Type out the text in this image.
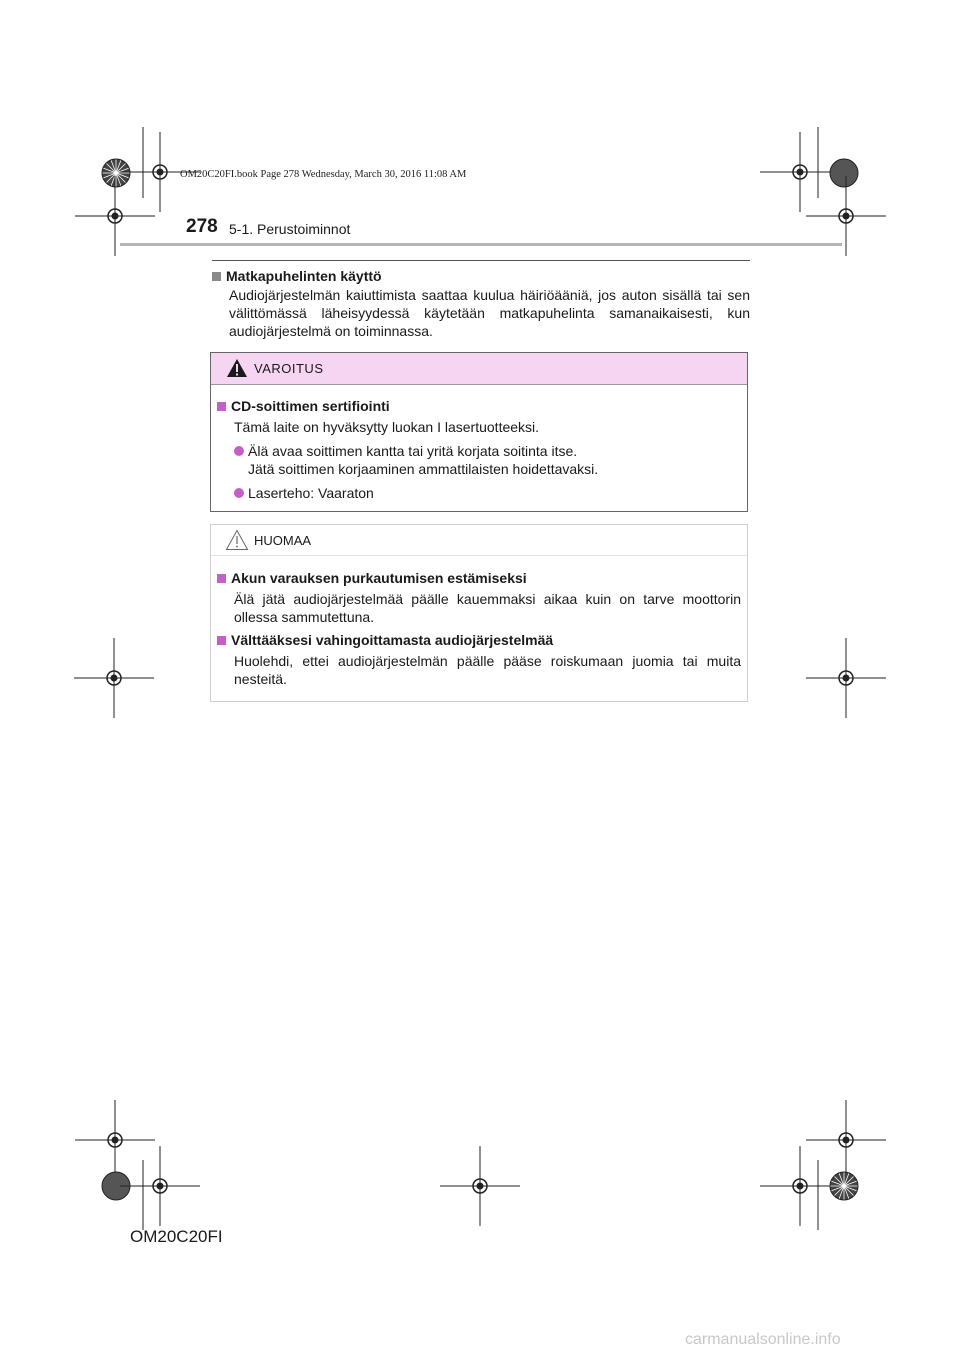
OM20C20FI.book Page 278 Wednesday, March 30, 2016 11:08 AM
278 5-1. Perustoiminnot
Matkapuhelinten käyttö
Audiojärjestelmän kaiuttimista saattaa kuulua häiriöääniä, jos auton sisällä tai sen välittömässä läheisyydessä käytetään matkapuhelinta samanaikaisesti, kun audiojärjestelmä on toiminnassa.
VAROITUS
CD-soittimen sertifiointi
Tämä laite on hyväksytty luokan I lasertuotteeksi.
Älä avaa soittimen kantta tai yritä korjata soitinta itse.
Jätä soittimen korjaaminen ammattilaisten hoidettavaksi.
Laserteho: Vaaraton
HUOMAA
Akun varauksen purkautumisen estämiseksi
Älä jätä audiojärjestelmää päälle kauemmaksi aikaa kuin on tarve moottorin ollessa sammutettuna.
Välttääksesi vahingoittamasta audiojärjestelmää
Huolehdi, ettei audiojärjestelmän päälle pääse roiskumaan juomia tai muita nesteitä.
OM20C20FI
carmanualsonline.info
